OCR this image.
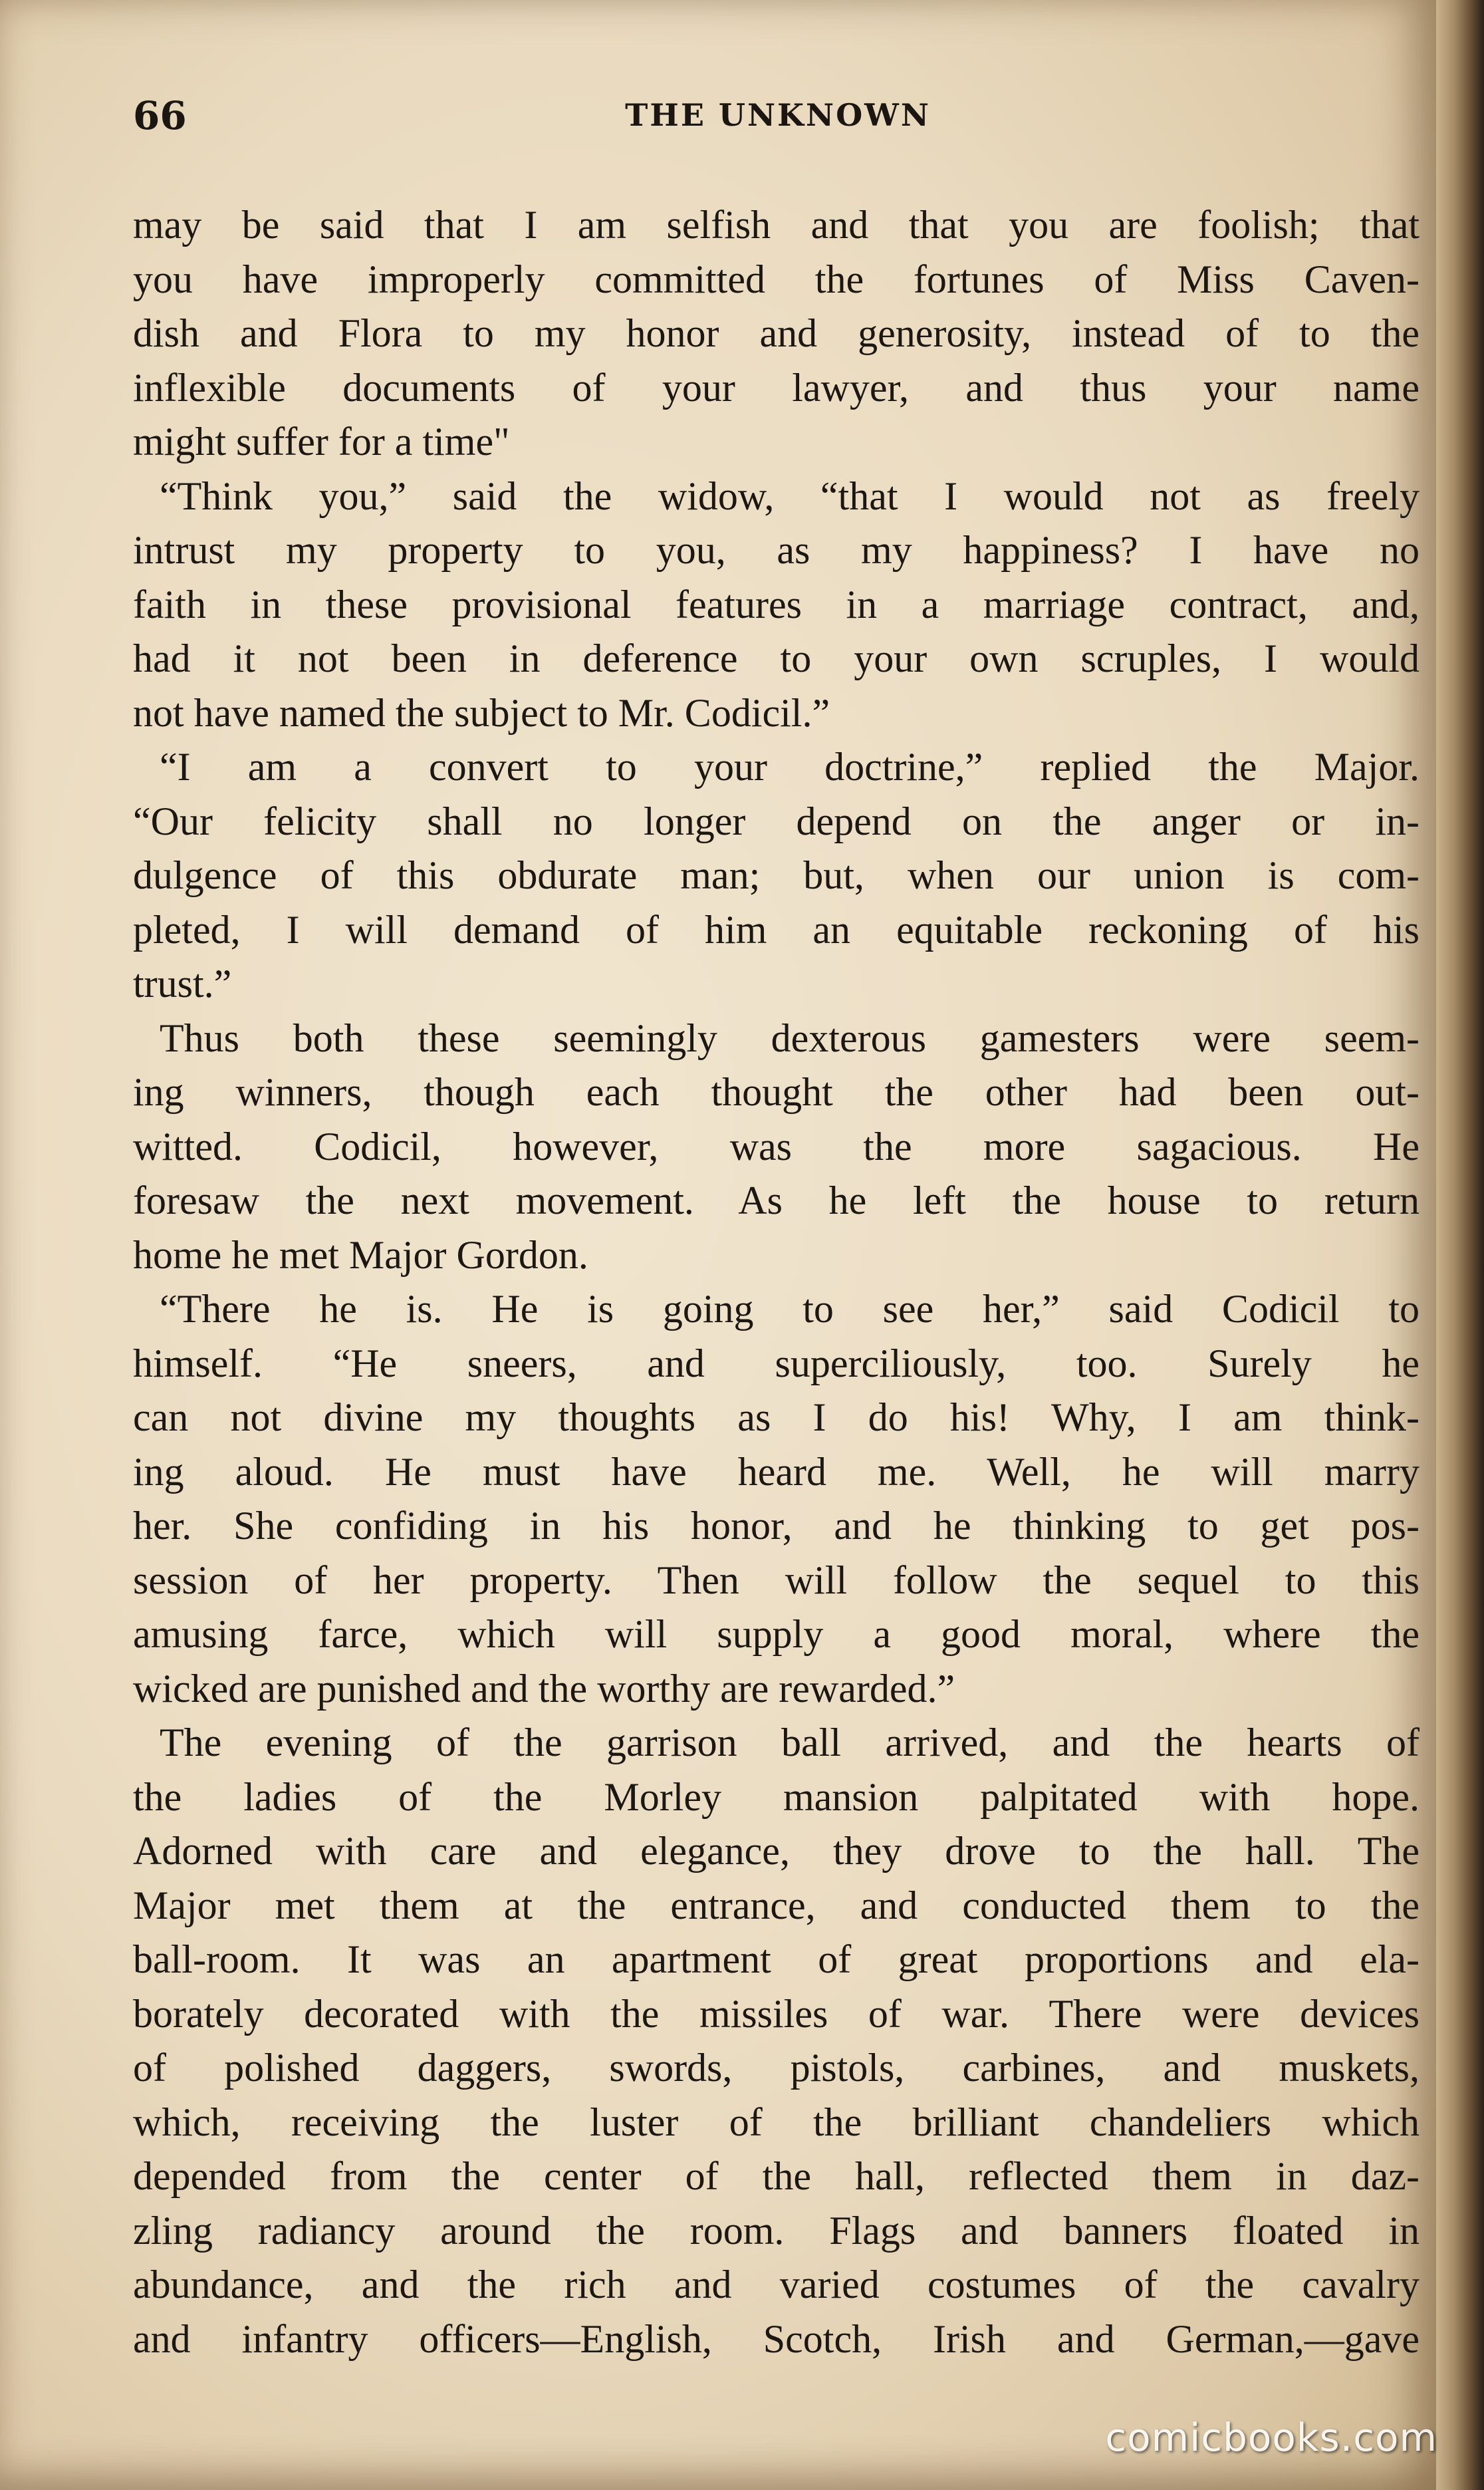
66	THE UNKNOWN
may be said that I am selfish and that you are foolish; that
you have improperly committed the fortunes of Miss Caven-
dish and Flora to my honor and generosity, instead of to the
inflexible documents of your lawyer, and thus your name
might suffer for a time"
“Think you,” said the widow, “that I would not as freely
intrust my property to you, as my happiness? I have no
faith in these provisional features in a marriage contract, and,
had it not been in deference to your own scruples, I would
not have named the subject to Mr. Codicil.”
“I am a convert to your doctrine,” replied the Major.
“Our felicity shall no longer depend on the anger or in-
dulgence of this obdurate man; but, when our union is com-
pleted, I will demand of him an equitable reckoning of his
trust.”
Thus both these seemingly dexterous gamesters were seem-
ing winners, though each thought the other had been out-
witted. Codicil, however, was the more sagacious. He
foresaw the next movement. As he left the house to return
home he met Major Gordon.
“There he is. He is going to see her,” said Codicil to
himself. “He sneers, and superciliously, too. Surely he
can not divine my thoughts as I do his! Why, I am think-
ing aloud. He must have heard me. Well, he will marry
her. She confiding in his honor, and he thinking to get pos-
session of her property. Then will follow the sequel to this
amusing farce, which will supply a good moral, where the
wicked are punished and the worthy are rewarded.”
The evening of the garrison ball arrived, and the hearts of
the ladies of the Morley mansion palpitated with hope.
Adorned with care and elegance, they drove to the hall. The
Major met them at the entrance, and conducted them to the
ball-room. It was an apartment of great proportions and ela-
borately decorated with the missiles of war. There were devices
of polished daggers, swords, pistols, carbines, and muskets,
which, receiving the luster of the brilliant chandeliers which
depended from the center of the hall, reflected them in daz-
zling radiancy around the room. Flags and banners floated in
abundance, and the rich and varied costumes of the cavalry
and infantry officers—English, Scotch, Irish and German,—gave
comicbooks.com
